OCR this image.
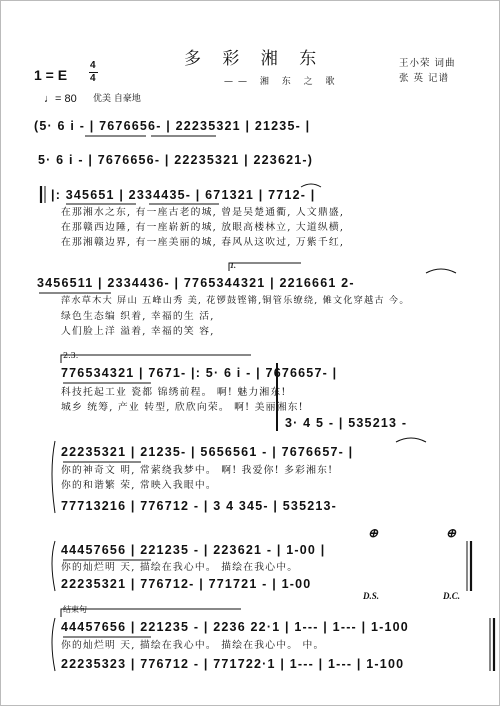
多 彩 湘 东
—— 湘 东 之 歌
王小荣 词曲
张 英 记谱
1 = E
4
4
♩= 80 优美 自豪地
(5· 6 i - | 7676656- | 22235321 | 21235- |
5· 6 i - | 7676656- | 22235321 | 223621-)
|: 345651 | 2334435- | 671321 | 7712- |
在那湘水之东, 有一座古老的城, 曾是吴楚通衢, 人文鼎盛,
在那赣西边陲, 有一座崭新的城, 放眼高楼林立, 大道纵横,
在那湘赣边界, 有一座美丽的城, 春风从这吹过, 万紫千红,
1.
3456511 | 2334436- | 7765344321 | 2216661 2-
萍水草木大 屏山 五峰山秀 美, 花锣鼓铿锵,铜管乐缭绕, 傩文化穿越古 今。
绿色生态编 织着, 幸福的生 活,
人们脸上洋 溢着, 幸福的笑 容,
2.3.
776534321 | 7671- |: 5· 6 i - | 7676657- |
科技托起工业 瓷都 锦绣前程。 啊! 魅力湘东!
城乡 统筹, 产业 转型, 欣欣向荣。 啊! 美丽湘东!
3· 4 5 - | 535213 -
22235321 | 21235- | 5656561 - | 7676657- |
你的神奇文 明, 常萦绕我梦中。 啊! 我爱你! 多彩湘东!
你的和谐繁 荣, 常映入我眼中。
77713216 | 776712 - | 3 4 345- | 535213-
⊕	⊕
44457656 | 221235 - | 223621 - | 1-00 |
你的灿烂明 天, 描绘在我心中。 描绘在我心中。
22235321 | 776712- | 771721 - | 1-00
D.S.	D.C.
结束句
44457656 | 221235 - | 2236 22·1 | 1--- | 1--- | 1-100
你的灿烂明 天, 描绘在我心中。 描绘在我心中。 中。
22235323 | 776712 - | 771722·1 | 1--- | 1--- | 1-100
